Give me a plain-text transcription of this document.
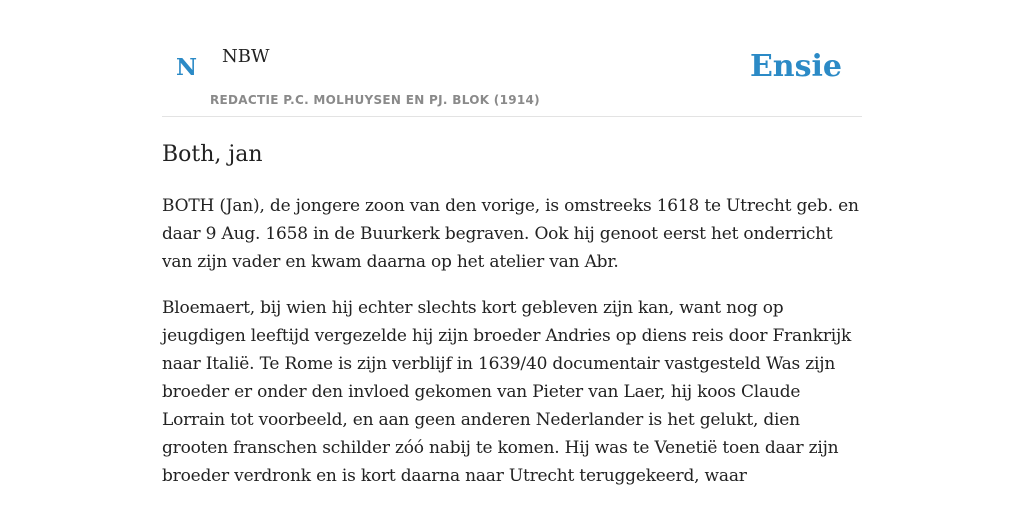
N NBW
REDACTIE P.C. MOLHUYSEN EN PJ. BLOK (1914)
Ensie
Both, jan

BOTH (Jan), de jongere zoon van den vorige, is omstreeks 1618 te Utrecht geb. en daar 9 Aug. 1658 in de Buurkerk begraven. Ook hij genoot eerst het onderricht van zijn vader en kwam daarna op het atelier van Abr.

Bloemaert, bij wien hij echter slechts kort gebleven zijn kan, want nog op jeugdigen leeftijd vergezelde hij zijn broeder Andries op diens reis door Frankrijk naar Italië. Te Rome is zijn verblijf in 1639/40 documentair vastgesteld Was zijn broeder er onder den invloed gekomen van Pieter van Laer, hij koos Claude Lorrain tot voorbeeld, en aan geen anderen Nederlander is het gelukt, dien grooten franschen schilder zóó nabij te komen. Hij was te Venetië toen daar zijn broeder verdronk en is kort daarna naar Utrecht teruggekeerd, waar
